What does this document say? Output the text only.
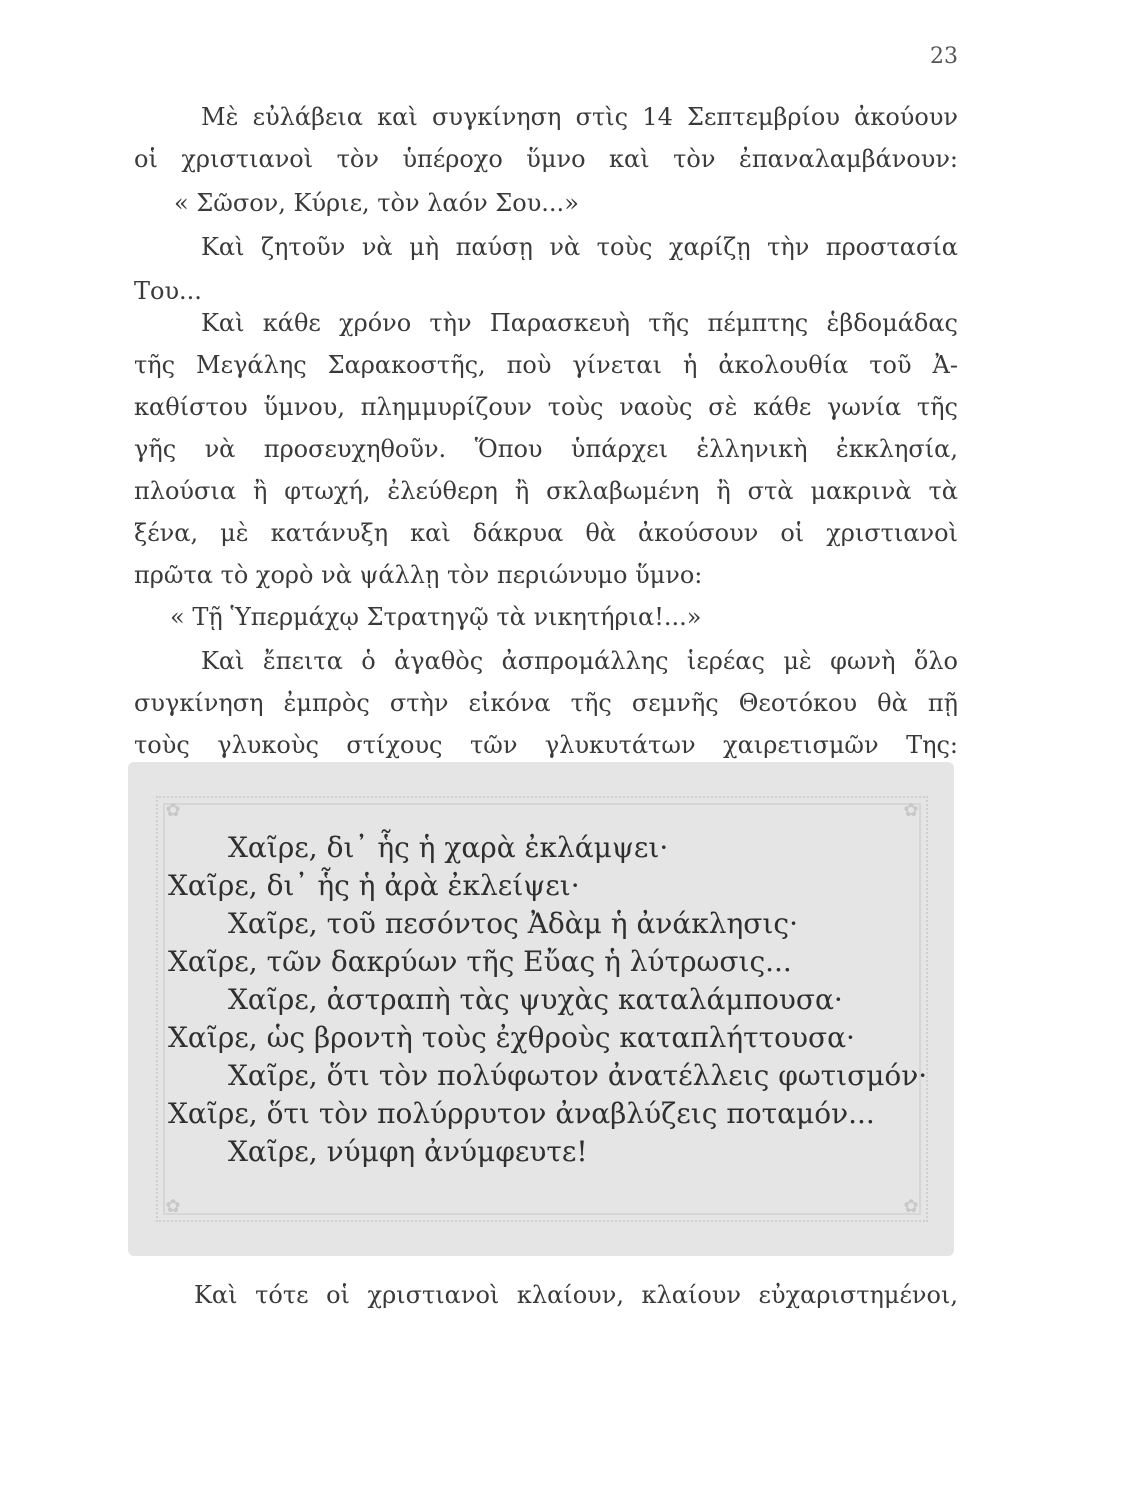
23
Μὲ εὐλάβεια καὶ συγκίνηση στὶς 14 Σεπτεμβρίου ἀκούουν
οἱ χριστιανοὶ τὸν ὑπέροχο ὕμνο καὶ τὸν ἐπαναλαμβάνουν:
« Σῶσον, Κύριε, τὸν λαόν Σου...»
Καὶ ζητοῦν νὰ μὴ παύσῃ νὰ τοὺς χαρίζῃ τὴν προστασία
Του...
Καὶ κάθε χρόνο τὴν Παρασκευὴ τῆς πέμπτης ἑβδομάδας
τῆς Μεγάλης Σαρακοστῆς, ποὺ γίνεται ἡ ἀκολουθία τοῦ Ἀ-
καθίστου ὕμνου, πλημμυρίζουν τοὺς ναοὺς σὲ κάθε γωνία τῆς
γῆς νὰ προσευχηθοῦν. Ὅπου ὑπάρχει ἑλληνικὴ ἐκκλησία,
πλούσια ἢ φτωχή, ἐλεύθερη ἢ σκλαβωμένη ἢ στὰ μακρινὰ τὰ
ξένα, μὲ κατάνυξη καὶ δάκρυα θὰ ἀκούσουν οἱ χριστιανοὶ
πρῶτα τὸ χορὸ νὰ ψάλλῃ τὸν περιώνυμο ὕμνο:
« Τῇ Ὑπερμάχῳ Στρατηγῷ τὰ νικητήρια!...»
Καὶ ἔπειτα ὁ ἀγαθὸς ἀσπρομάλλης ἱερέας μὲ φωνὴ ὅλο
συγκίνηση ἐμπρὸς στὴν εἰκόνα τῆς σεμνῆς Θεοτόκου θὰ πῇ
τοὺς γλυκοὺς στίχους τῶν γλυκυτάτων χαιρετισμῶν Της:
✿	✿
✿	✿
Χαῖρε, δι᾽ ἧς ἡ χαρὰ ἐκλάμψει·
Χαῖρε, δι᾽ ἧς ἡ ἀρὰ ἐκλείψει·
Χαῖρε, τοῦ πεσόντος Ἀδὰμ ἡ ἀνάκλησις·
Χαῖρε, τῶν δακρύων τῆς Εὔας ἡ λύτρωσις...
Χαῖρε, ἀστραπὴ τὰς ψυχὰς καταλάμπουσα·
Χαῖρε, ὡς βροντὴ τοὺς ἐχθροὺς καταπλήττουσα·
Χαῖρε, ὅτι τὸν πολύφωτον ἀνατέλλεις φωτισμόν·
Χαῖρε, ὅτι τὸν πολύρρυτον ἀναβλύζεις ποταμόν...
Χαῖρε, νύμφη ἀνύμφευτε!
Καὶ τότε οἱ χριστιανοὶ κλαίουν, κλαίουν εὐχαριστημένοι,
